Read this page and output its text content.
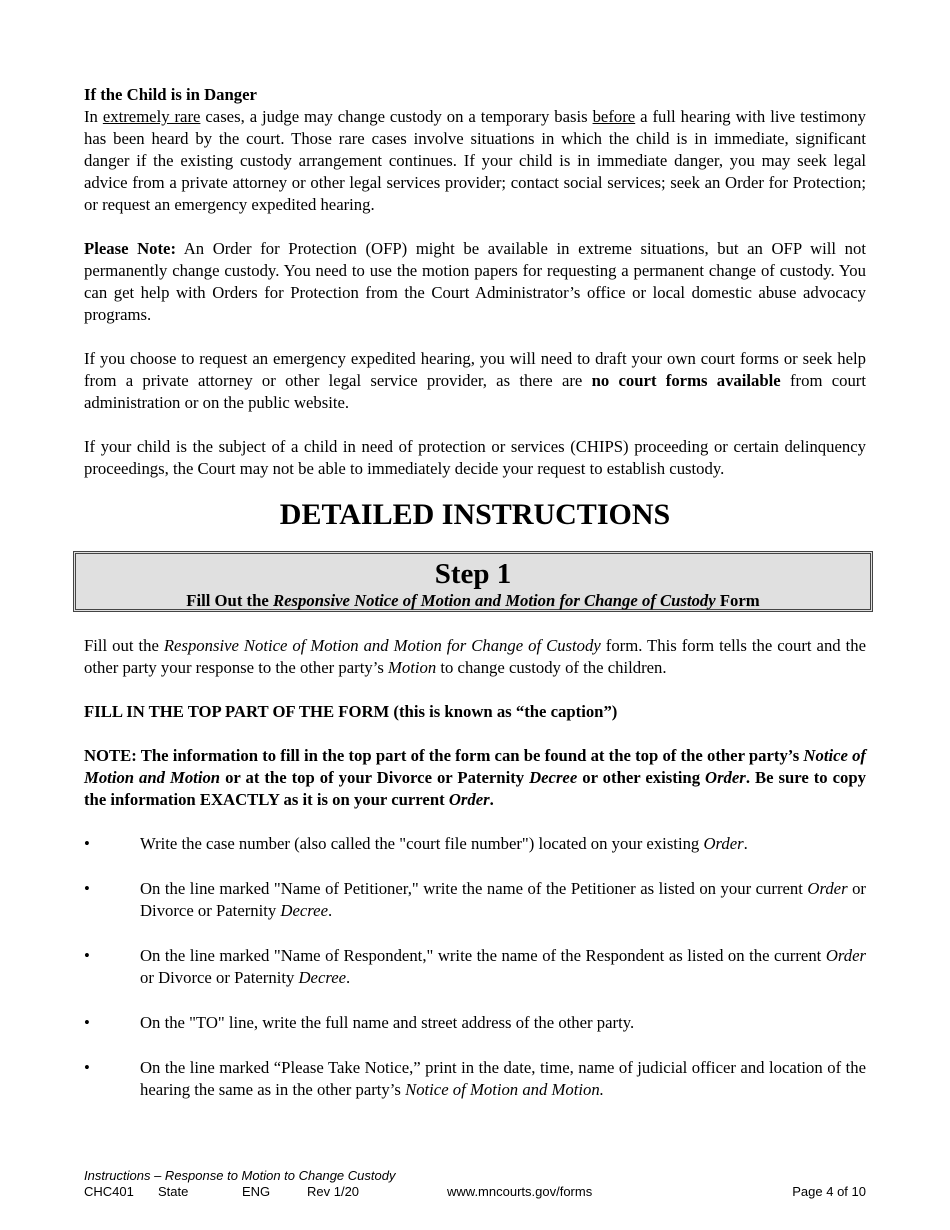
If the Child is in Danger

In extremely rare cases, a judge may change custody on a temporary basis before a full hearing with live testimony has been heard by the court. Those rare cases involve situations in which the child is in immediate, significant danger if the existing custody arrangement continues. If your child is in immediate danger, you may seek legal advice from a private attorney or other legal services provider; contact social services; seek an Order for Protection; or request an emergency expedited hearing.

Please Note: An Order for Protection (OFP) might be available in extreme situations, but an OFP will not permanently change custody. You need to use the motion papers for requesting a permanent change of custody. You can get help with Orders for Protection from the Court Administrator’s office or local domestic abuse advocacy programs.

If you choose to request an emergency expedited hearing, you will need to draft your own court forms or seek help from a private attorney or other legal service provider, as there are no court forms available from court administration or on the public website.

If your child is the subject of a child in need of protection or services (CHIPS) proceeding or certain delinquency proceedings, the Court may not be able to immediately decide your request to establish custody.

DETAILED INSTRUCTIONS
Step 1
Fill Out the Responsive Notice of Motion and Motion for Change of Custody Form

Fill out the Responsive Notice of Motion and Motion for Change of Custody form. This form tells the court and the other party your response to the other party’s Motion to change custody of the children.

FILL IN THE TOP PART OF THE FORM (this is known as “the caption”)

NOTE: The information to fill in the top part of the form can be found at the top of the other party’s Notice of Motion and Motion or at the top of your Divorce or Paternity Decree or other existing Order. Be sure to copy the information EXACTLY as it is on your current Order.

•	Write the case number (also called the "court file number") located on your existing Order.
•	On the line marked "Name of Petitioner," write the name of the Petitioner as listed on your current Order or Divorce or Paternity Decree.
•	On the line marked "Name of Respondent," write the name of the Respondent as listed on the current Order or Divorce or Paternity Decree.
•	On the "TO" line, write the full name and street address of the other party.
•	On the line marked “Please Take Notice,” print in the date, time, name of judicial officer and location of the hearing the same as in the other party’s Notice of Motion and Motion.
Instructions – Response to Motion to Change Custody
CHC401 State	ENG	Rev 1/20	www.mncourts.gov/forms	Page 4 of 10
